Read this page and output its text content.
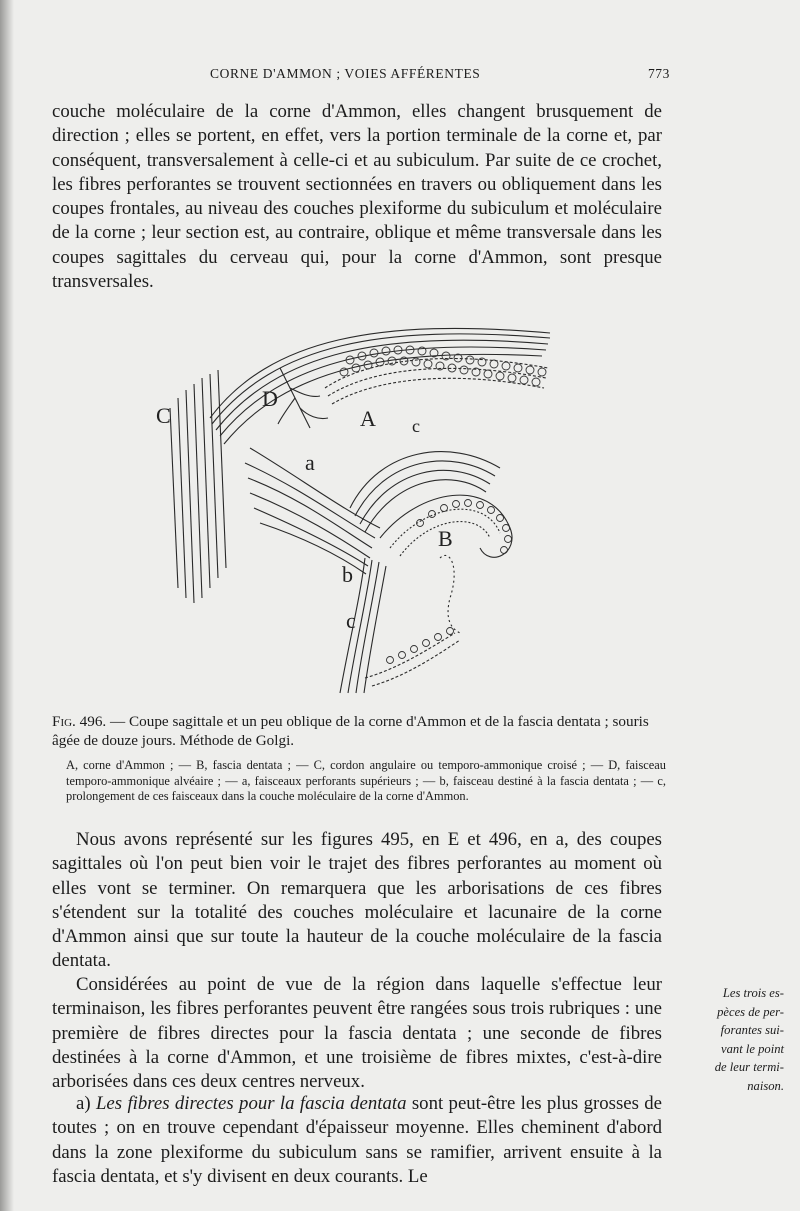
CORNE D'AMMON ; VOIES AFFÉRENTES	773

couche moléculaire de la corne d'Ammon, elles changent brusquement de direction ; elles se portent, en effet, vers la portion terminale de la corne et, par conséquent, transversalement à celle-ci et au subiculum. Par suite de ce crochet, les fibres perforantes se trouvent sectionnées en travers ou obliquement dans les coupes frontales, au niveau des couches plexiforme du subiculum et moléculaire de la corne ; leur section est, au contraire, oblique et même transversale dans les coupes sagittales du cerveau qui, pour la corne d'Ammon, sont presque transversales.

C
D
A c
a
B
b
c

Fig. 496. — Coupe sagittale et un peu oblique de la corne d'Ammon et de la fascia dentata ; souris âgée de douze jours. Méthode de Golgi.

A, corne d'Ammon ; — B, fascia dentata ; — C, cordon angulaire ou temporo-ammonique croisé ; — D, faisceau temporo-ammonique alvéaire ; — a, faisceaux perforants supérieurs ; — b, faisceau destiné à la fascia dentata ; — c, prolongement de ces faisceaux dans la couche moléculaire de la corne d'Ammon.

Nous avons représenté sur les figures 495, en E et 496, en a, des coupes sagittales où l'on peut bien voir le trajet des fibres perforantes au moment où elles vont se terminer. On remarquera que les arborisations de ces fibres s'étendent sur la totalité des couches moléculaire et lacunaire de la corne d'Ammon ainsi que sur toute la hauteur de la couche moléculaire de la fascia dentata.

Considérées au point de vue de la région dans laquelle s'effectue leur terminaison, les fibres perforantes peuvent être rangées sous trois rubriques : une première de fibres directes pour la fascia dentata ; une seconde de fibres destinées à la corne d'Ammon, et une troisième de fibres mixtes, c'est-à-dire arborisées dans ces deux centres nerveux.

a) Les fibres directes pour la fascia dentata sont peut-être les plus grosses de toutes ; on en trouve cependant d'épaisseur moyenne. Elles cheminent d'abord dans la zone plexiforme du subiculum sans se ramifier, arrivent ensuite à la fascia dentata, et s'y divisent en deux courants. Le

Les trois es-
pèces de per-
forantes sui-
vant le point
de leur termi-
naison.
